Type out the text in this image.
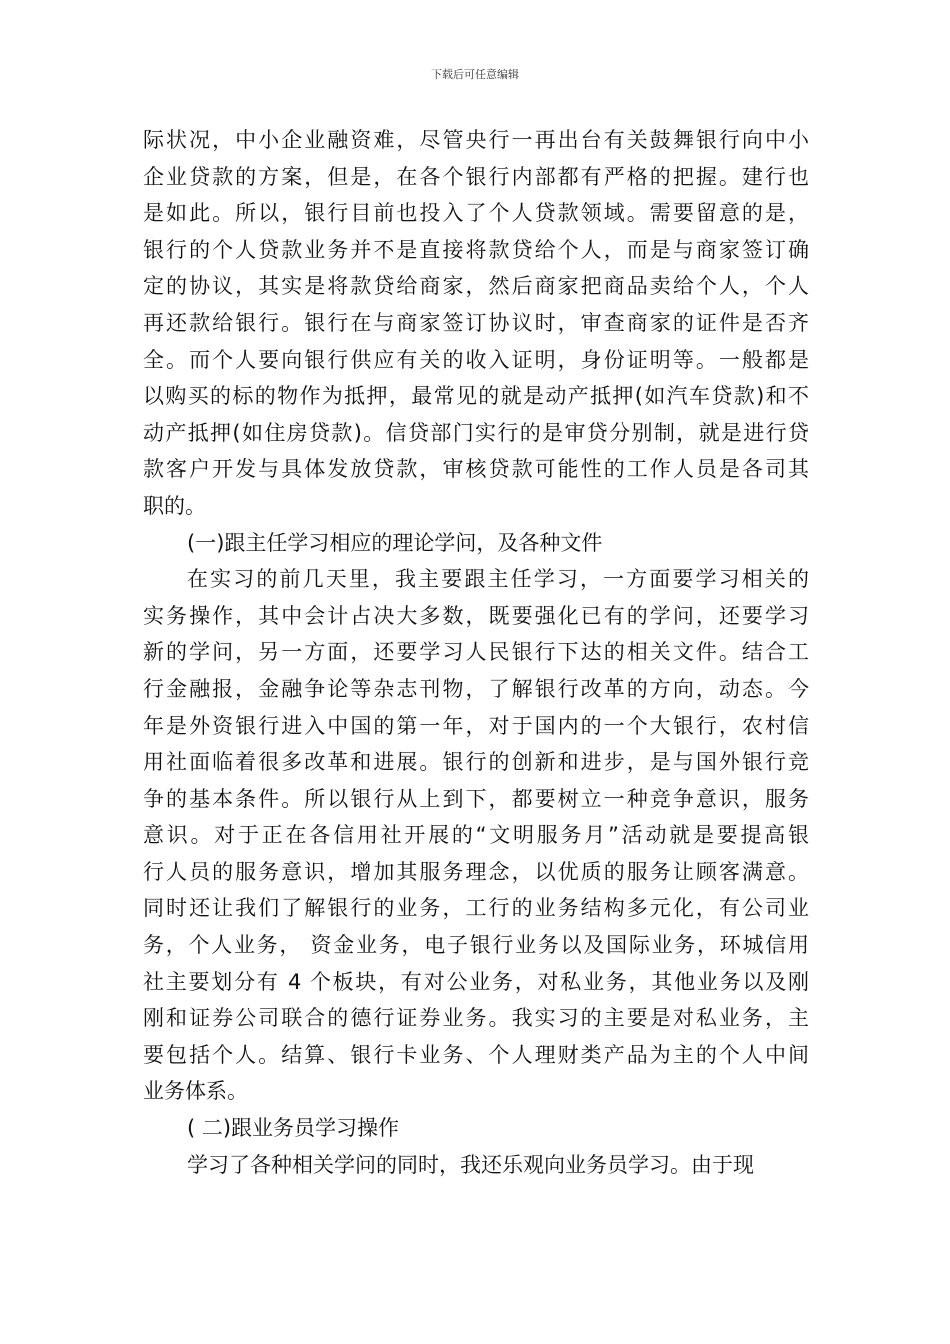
下载后可任意编辑
际状况，中小企业融资难，尽管央行一再出台有关鼓舞银行向中小
企业贷款的方案，但是，在各个银行内部都有严格的把握。建行也
是如此。所以，银行目前也投入了个人贷款领域。需要留意的是，
银行的个人贷款业务并不是直接将款贷给个人，而是与商家签订确
定的协议，其实是将款贷给商家，然后商家把商品卖给个人，个人
再还款给银行。银行在与商家签订协议时，审查商家的证件是否齐
全。而个人要向银行供应有关的收入证明，身份证明等。一般都是
以购买的标的物作为抵押，最常见的就是动产抵押(如汽车贷款)和不
动产抵押(如住房贷款)。信贷部门实行的是审贷分别制，就是进行贷
款客户开发与具体发放贷款，审核贷款可能性的工作人员是各司其
职的。
(一)跟主任学习相应的理论学问，及各种文件
在实习的前几天里，我主要跟主任学习，一方面要学习相关的
实务操作，其中会计占决大多数，既要强化已有的学问，还要学习
新的学问，另一方面，还要学习人民银行下达的相关文件。结合工
行金融报，金融争论等杂志刊物，了解银行改革的方向，动态。今
年是外资银行进入中国的第一年，对于国内的一个大银行，农村信
用社面临着很多改革和进展。银行的创新和进步，是与国外银行竞
争的基本条件。所以银行从上到下，都要树立一种竞争意识，服务
意识。对于正在各信用社开展的“文明服务月”活动就是要提高银
行人员的服务意识，增加其服务理念，以优质的服务让顾客满意。
同时还让我们了解银行的业务，工行的业务结构多元化，有公司业
务，个人业务， 资金业务，电子银行业务以及国际业务，环城信用
社主要划分有 4 个板块，有对公业务，对私业务，其他业务以及刚
刚和证券公司联合的德行证券业务。我实习的主要是对私业务，主
要包括个人。结算、银行卡业务、个人理财类产品为主的个人中间
业务体系。
( 二)跟业务员学习操作
学习了各种相关学问的同时，我还乐观向业务员学习。由于现
